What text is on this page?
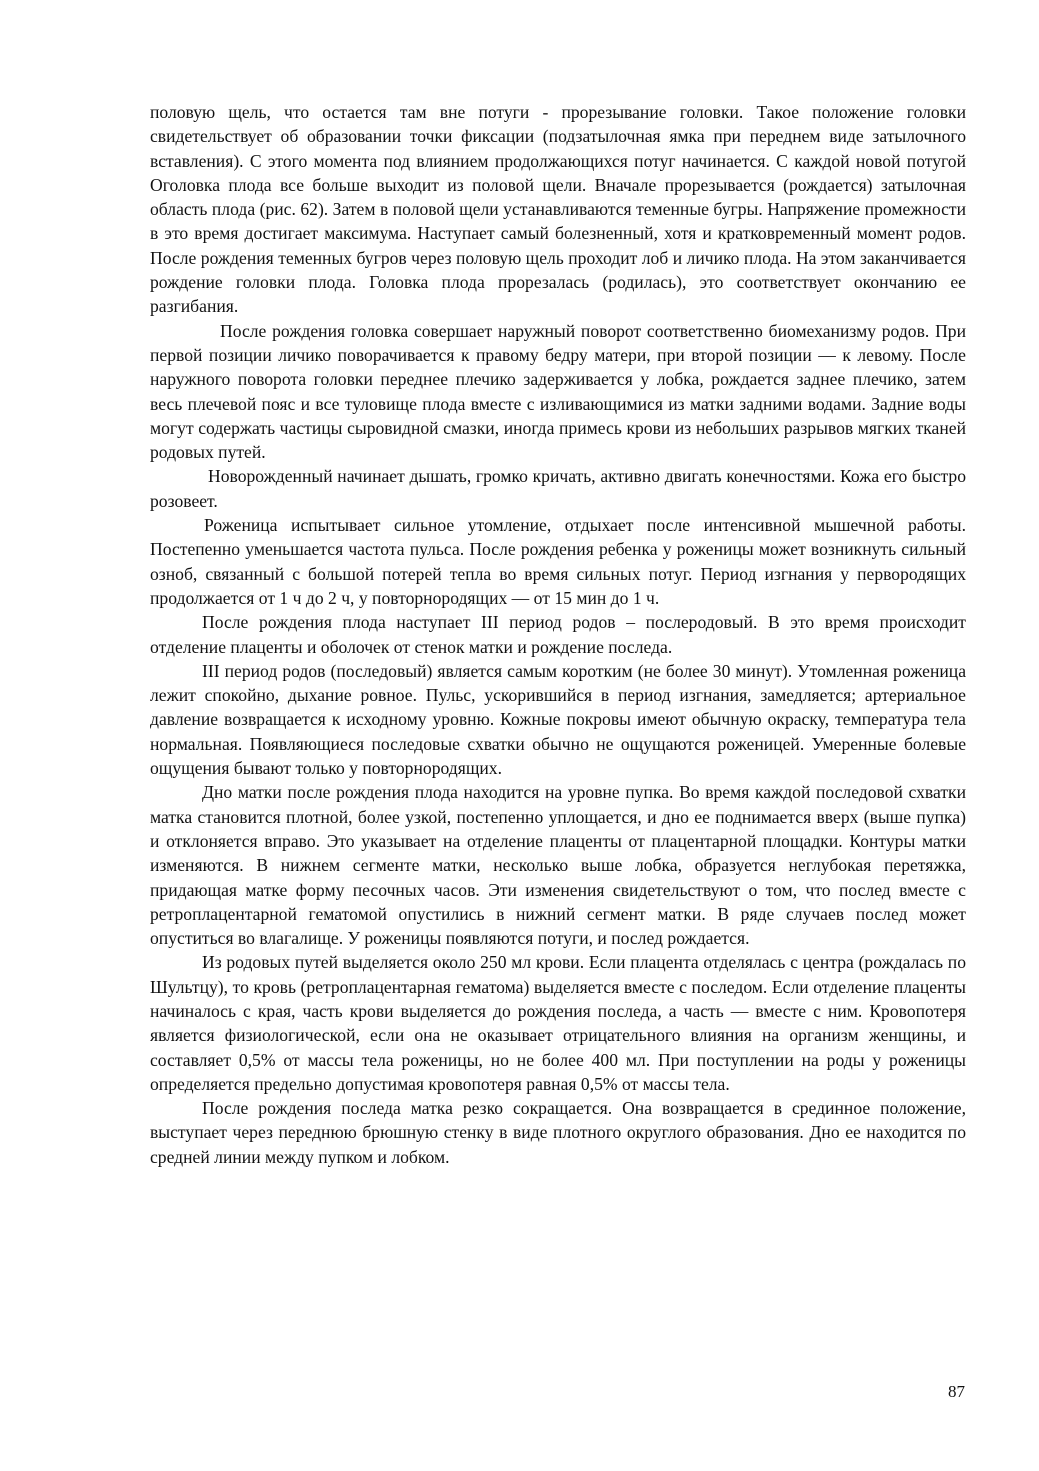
половую щель, что остается там вне потуги - прорезывание головки. Такое положение головки свидетельствует об образовании точки фиксации (подзатылочная ямка при переднем виде затылочного вставления). С этого момента под влиянием продолжающихся потуг начинается. С каждой новой потугой Оголовка плода все больше выходит из половой щели. Вначале прорезывается (рождается) затылочная область плода (рис. 62). Затем в половой щели устанавливаются теменные бугры. Напряжение промежности в это время достигает максимума. Наступает самый болезненный, хотя и кратковременный момент родов. После рождения теменных бугров через половую щель проходит лоб и личико плода. На этом заканчивается рождение головки плода. Головка плода прорезалась (родилась), это соответствует окончанию ее разгибания.

После рождения головка совершает наружный поворот соответственно биомеханизму родов. При первой позиции личико поворачивается к правому бедру матери, при второй позиции — к левому. После наружного поворота головки переднее плечико задерживается у лобка, рождается заднее плечико, затем весь плечевой пояс и все туловище плода вместе с изливающимися из матки задними водами. Задние воды могут содержать частицы сыровидной смазки, иногда примесь крови из небольших разрывов мягких тканей родовых путей.

Новорожденный начинает дышать, громко кричать, активно двигать конечностями. Кожа его быстро розовеет.

Роженица испытывает сильное утомление, отдыхает после интенсивной мышечной работы. Постепенно уменьшается частота пульса. После рождения ребенка у роженицы может возникнуть сильный озноб, связанный с большой потерей тепла во время сильных потуг. Период изгнания у первородящих продолжается от 1 ч до 2 ч, у повторнородящих — от 15 мин до 1 ч.

После рождения плода наступает III период родов – послеродовый. В это время происходит отделение плаценты и оболочек от стенок матки и рождение последа.

III период родов (последовый) является самым коротким (не более 30 минут). Утомленная роженица лежит спокойно, дыхание ровное. Пульс, ускорившийся в период изгнания, замедляется; артериальное давление возвращается к исходному уровню. Кожные покровы имеют обычную окраску, температура тела нормальная. Появляющиеся последовые схватки обычно не ощущаются роженицей. Умеренные болевые ощущения бывают только у повторнородящих.

Дно матки после рождения плода находится на уровне пупка. Во время каждой последовой схватки матка становится плотной, более узкой, постепенно уплощается, и дно ее поднимается вверх (выше пупка) и отклоняется вправо. Это указывает на отделение плаценты от плацентарной площадки. Контуры матки изменяются. В нижнем сегменте матки, несколько выше лобка, образуется неглубокая перетяжка, придающая матке форму песочных часов. Эти изменения свидетельствуют о том, что послед вместе с ретроплацентарной гематомой опустились в нижний сегмент матки. В ряде случаев послед может опуститься во влагалище. У роженицы появляются потуги, и послед рождается.

Из родовых путей выделяется около 250 мл крови. Если плацента отделялась с центра (рождалась по Шультцу), то кровь (ретроплацентарная гематома) выделяется вместе с последом. Если отделение плаценты начиналось с края, часть крови выделяется до рождения последа, а часть — вместе с ним. Кровопотеря является физиологической, если она не оказывает отрицательного влияния на организм женщины, и составляет 0,5% от массы тела роженицы, но не более 400 мл. При поступлении на роды у роженицы определяется предельно допустимая кровопотеря равная 0,5% от массы тела.

После рождения последа матка резко сокращается. Она возвращается в срединное положение, выступает через переднюю брюшную стенку в виде плотного округлого образования. Дно ее находится по средней линии между пупком и лобком.

87
